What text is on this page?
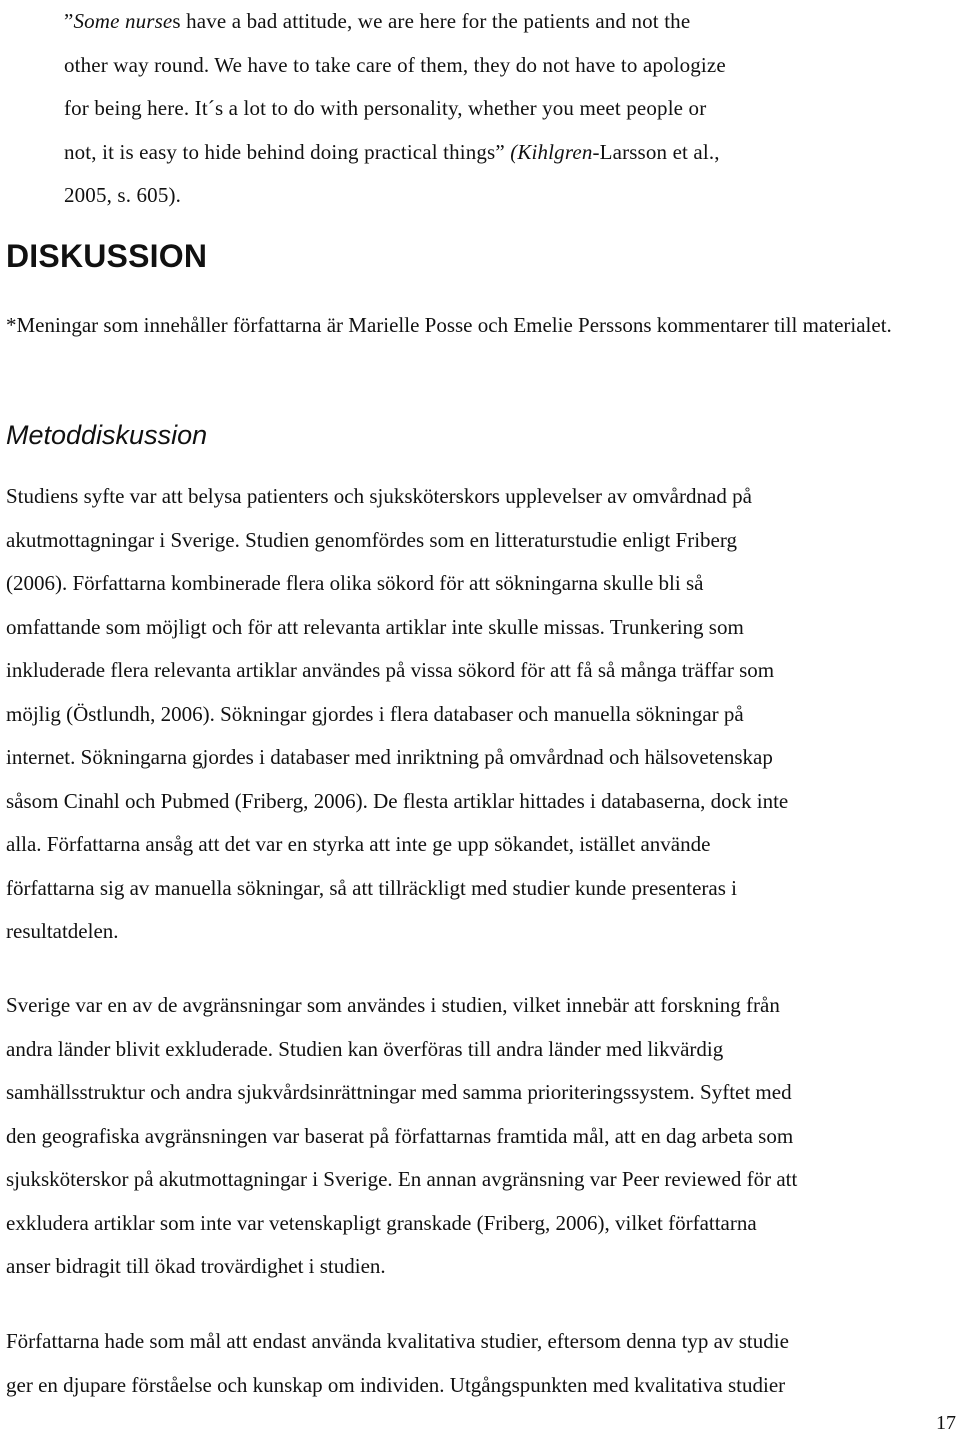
”Some nurses have a bad attitude, we are here for the patients and not the
other way round. We have to take care of them, they do not have to apologize
for being here. It´s a lot to do with personality, whether you meet people or
not, it is easy to hide behind doing practical things” (Kihlgren-Larsson et al.,
2005, s. 605).

DISKUSSION

*Meningar som innehåller författarna är Marielle Posse och Emelie Perssons kommentarer till materialet.

Metoddiskussion

Studiens syfte var att belysa patienters och sjuksköterskors upplevelser av omvårdnad på
akutmottagningar i Sverige. Studien genomfördes som en litteraturstudie enligt Friberg
(2006). Författarna kombinerade flera olika sökord för att sökningarna skulle bli så
omfattande som möjligt och för att relevanta artiklar inte skulle missas. Trunkering som
inkluderade flera relevanta artiklar användes på vissa sökord för att få så många träffar som
möjlig (Östlundh, 2006). Sökningar gjordes i flera databaser och manuella sökningar på
internet. Sökningarna gjordes i databaser med inriktning på omvårdnad och hälsovetenskap
såsom Cinahl och Pubmed (Friberg, 2006). De flesta artiklar hittades i databaserna, dock inte
alla. Författarna ansåg att det var en styrka att inte ge upp sökandet, istället använde
författarna sig av manuella sökningar, så att tillräckligt med studier kunde presenteras i
resultatdelen.

Sverige var en av de avgränsningar som användes i studien, vilket innebär att forskning från
andra länder blivit exkluderade. Studien kan överföras till andra länder med likvärdig
samhällsstruktur och andra sjukvårdsinrättningar med samma prioriteringssystem. Syftet med
den geografiska avgränsningen var baserat på författarnas framtida mål, att en dag arbeta som
sjuksköterskor på akutmottagningar i Sverige. En annan avgränsning var Peer reviewed för att
exkludera artiklar som inte var vetenskapligt granskade (Friberg, 2006), vilket författarna
anser bidragit till ökad trovärdighet i studien.

Författarna hade som mål att endast använda kvalitativa studier, eftersom denna typ av studie
ger en djupare förståelse och kunskap om individen. Utgångspunkten med kvalitativa studier

17
